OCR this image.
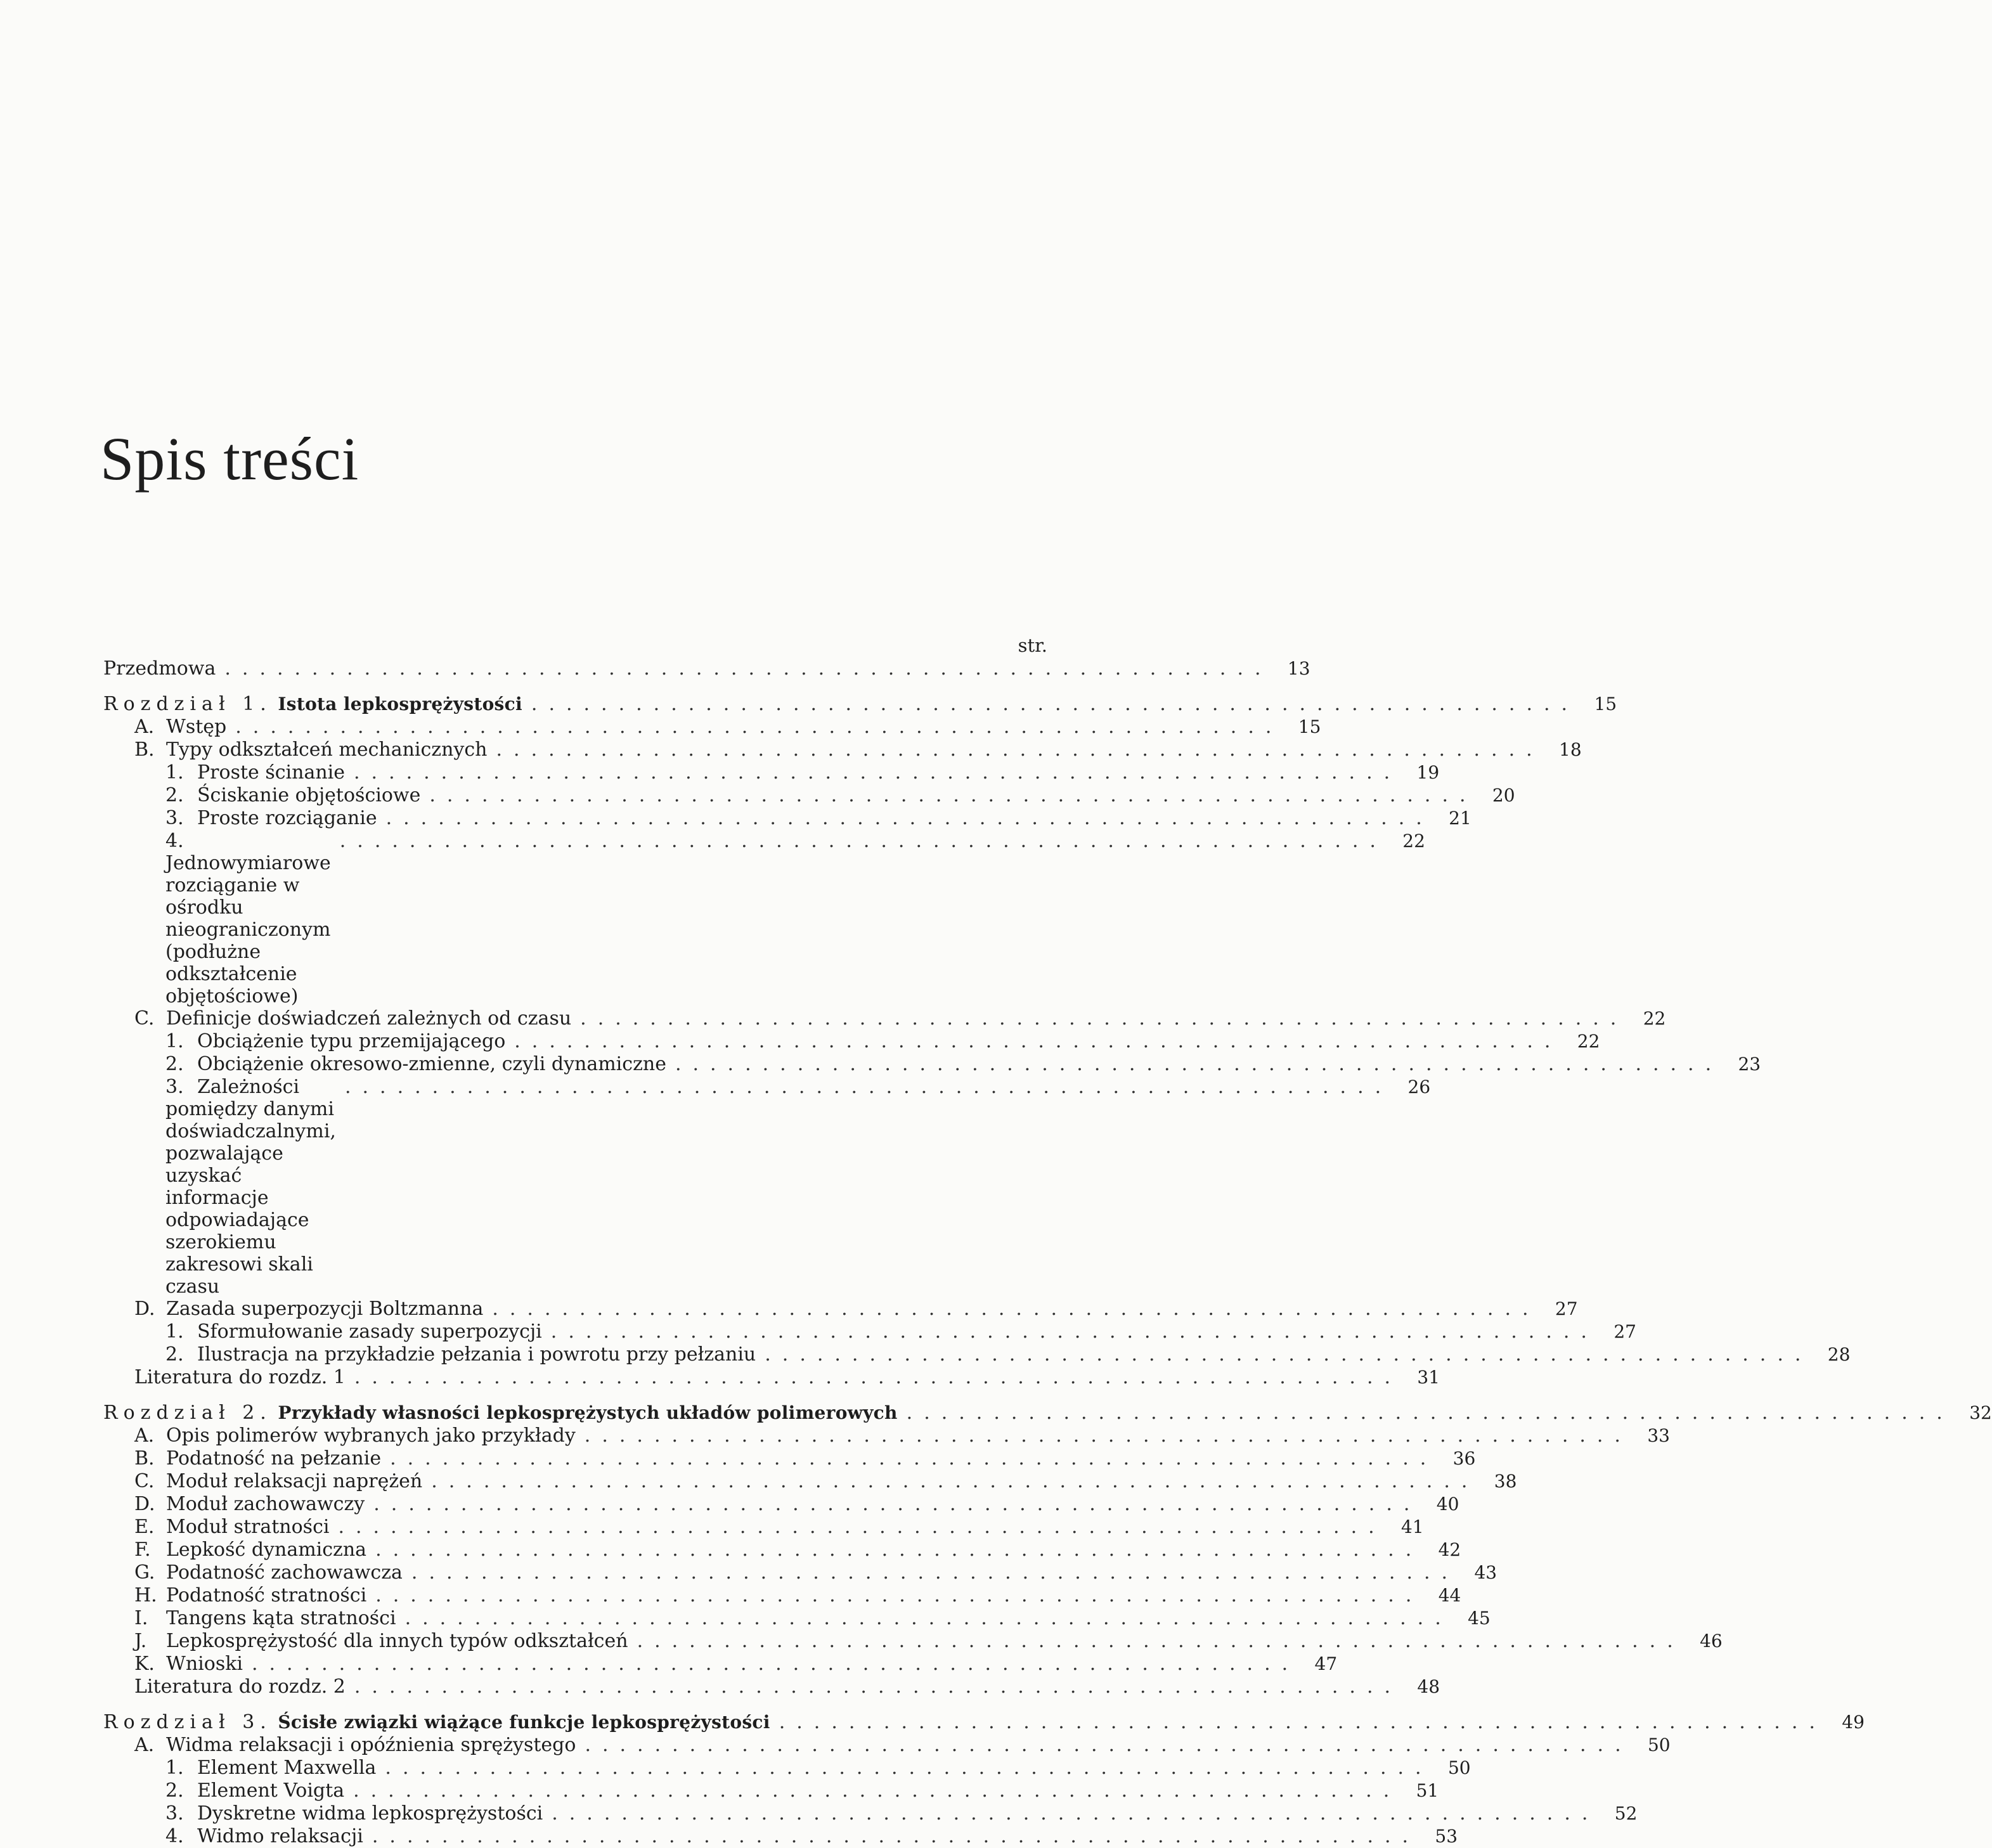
Spis treści
str.
Przedmowa ............................................................ 13
Rozdział 1. Istota lepkosprężystości ............................................................ 15
A. Wstęp ............................................................ 15
B. Typy odkształceń mechanicznych ............................................................ 18
1. Proste ścinanie ............................................................ 19
2. Ściskanie objętościowe ............................................................ 20
3. Proste rozciąganie ............................................................ 21
4.Jednowymiarowe rozciąganie w ośrodku nieograniczonym (podłużne odkształcenie objętościowe)
............................................................ 22
C. Definicje doświadczeń zależnych od czasu ............................................................ 22
1. Obciążenie typu przemijającego ............................................................ 22
2. Obciążenie okresowo-zmienne, czyli dynamiczne ............................................................ 23
3. Zależności pomiędzy danymi doświadczalnymi, pozwalające uzyskać informacje odpowiadające szerokiemu zakresowi skali czasu
............................................................ 26
D. Zasada superpozycji Boltzmanna ............................................................ 27
1. Sformułowanie zasady superpozycji ............................................................ 27
2. Ilustracja na przykładzie pełzania i powrotu przy pełzaniu ............................................................ 28
Literatura do rozdz. 1 ............................................................ 31
Rozdział 2. Przykłady własności lepkosprężystych układów polimerowych ............................................................ 32
A. Opis polimerów wybranych jako przykłady ............................................................ 33
B. Podatność na pełzanie ............................................................ 36
C. Moduł relaksacji naprężeń ............................................................ 38
D. Moduł zachowawczy ............................................................ 40
E. Moduł stratności ............................................................ 41
F. Lepkość dynamiczna ............................................................ 42
G. Podatność zachowawcza ............................................................ 43
H. Podatność stratności ............................................................ 44
I. Tangens kąta stratności ............................................................ 45
J. Lepkosprężystość dla innych typów odkształceń ............................................................ 46
K. Wnioski ............................................................ 47
Literatura do rozdz. 2 ............................................................ 48
Rozdział 3. Ścisłe związki wiążące funkcje lepkosprężystości ............................................................ 49
A. Widma relaksacji i opóźnienia sprężystego ............................................................ 50
1. Element Maxwella ............................................................ 50
2. Element Voigta ............................................................ 51
3. Dyskretne widma lepkosprężystości ............................................................ 52
4. Widmo relaksacji ............................................................ 53
